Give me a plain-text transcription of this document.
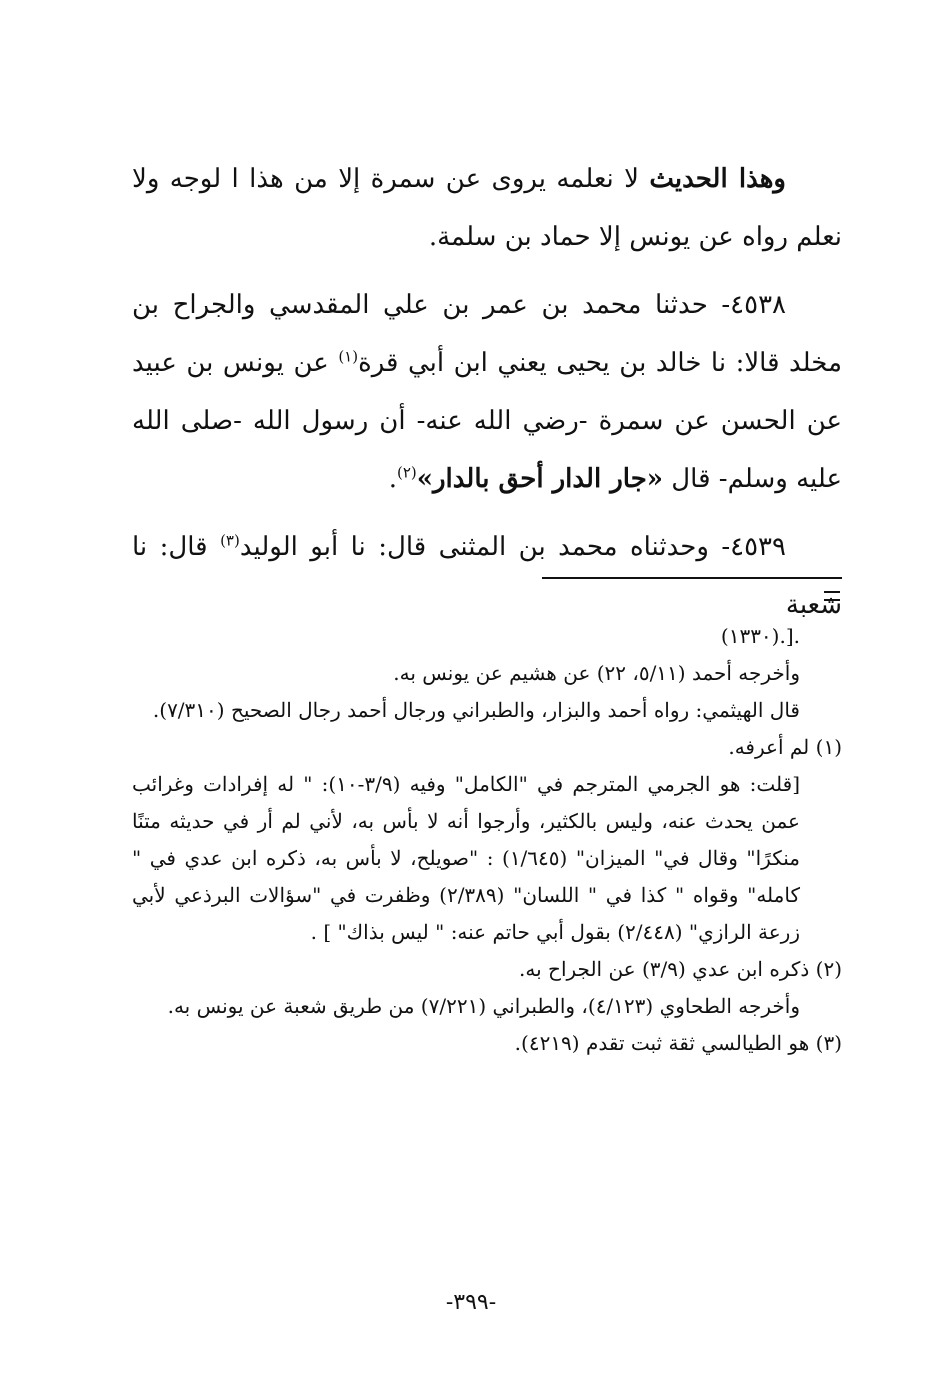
وهذا الحديث لا نعلمه يروى عن سمرة إلا من هذا ا لوجه ولا نعلم رواه عن يونس إلا حماد بن سلمة.

٤٥٣٨- حدثنا محمد بن عمر بن علي المقدسي والجراح بن مخلد قالا: نا خالد بن يحيى يعني ابن أبي قرة$^{(١)}$ عن يونس بن عبيد عن الحسن عن سمرة -رضي الله عنه- أن رسول الله -صلى الله عليه وسلم- قال «جار الدار أحق بالدار»$^{(٢)}$.

٤٥٣٩- وحدثناه محمد بن المثنى قال: نا أبو الوليد$^{(٣)}$ قال: نا شعبة

.[.(١٣٣٠)

وأخرجه أحمد (٥/١١، ٢٢) عن هشيم عن يونس به.

قال الهيثمي: رواه أحمد والبزار، والطبراني ورجال أحمد رجال الصحيح (٧/٣١٠).

(١) لم أعرفه.

[قلت: هو الجرمي المترجم في "الكامل" وفيه (٣/٩-١٠): " له إفرادات وغرائب عمن يحدث عنه، وليس بالكثير، وأرجوا أنه لا بأس به، لأني لم أر في حديثه متنًا منكرًا" وقال في" الميزان" (١/٦٤٥) : "صويلح، لا بأس به، ذكره ابن عدي في " كامله" وقواه " كذا في " اللسان" (٢/٣٨٩) وظفرت في "سؤالات البرذعي لأبي زرعة الرازي" (٢/٤٤٨) بقول أبي حاتم عنه: " ليس بذاك" ] .

(٢) ذكره ابن عدي (٣/٩) عن الجراح به.

وأخرجه الطحاوي (٤/١٢٣)، والطبراني (٧/٢٢١) من طريق شعبة عن يونس به.

(٣) هو الطيالسي ثقة ثبت تقدم (٤٢١٩).

-٣٩٩-
